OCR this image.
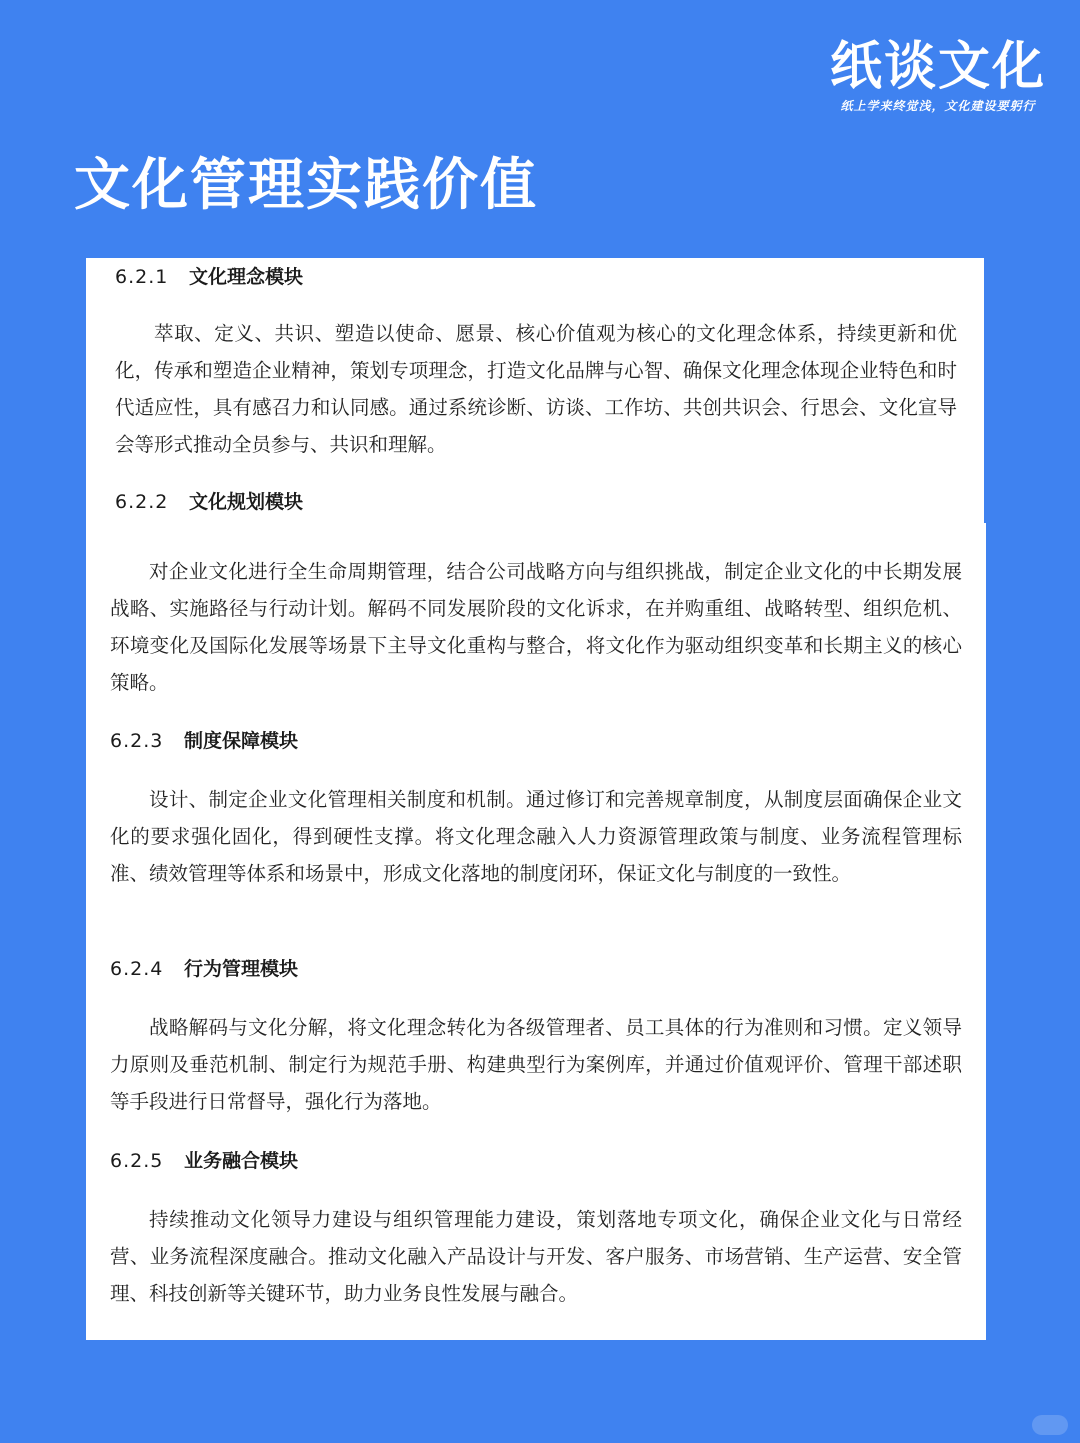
纸谈文化
纸上学来终觉浅，文化建设要躬行
文化管理实践价值
6.2.1 文化理念模块

萃取、定义、共识、塑造以使命、愿景、核心价值观为核心的文化理念体系，持续更新和优化，传承和塑造企业精神，策划专项理念，打造文化品牌与心智、确保文化理念体现企业特色和时代适应性，具有感召力和认同感。通过系统诊断、访谈、工作坊、共创共识会、行思会、文化宣导会等形式推动全员参与、共识和理解。

6.2.2 文化规划模块

对企业文化进行全生命周期管理，结合公司战略方向与组织挑战，制定企业文化的中长期发展战略、实施路径与行动计划。解码不同发展阶段的文化诉求，在并购重组、战略转型、组织危机、环境变化及国际化发展等场景下主导文化重构与整合，将文化作为驱动组织变革和长期主义的核心策略。

6.2.3 制度保障模块

设计、制定企业文化管理相关制度和机制。通过修订和完善规章制度，从制度层面确保企业文化的要求强化固化，得到硬性支撑。将文化理念融入人力资源管理政策与制度、业务流程管理标准、绩效管理等体系和场景中，形成文化落地的制度闭环，保证文化与制度的一致性。

6.2.4 行为管理模块

战略解码与文化分解，将文化理念转化为各级管理者、员工具体的行为准则和习惯。定义领导力原则及垂范机制、制定行为规范手册、构建典型行为案例库，并通过价值观评价、管理干部述职等手段进行日常督导，强化行为落地。

6.2.5 业务融合模块

持续推动文化领导力建设与组织管理能力建设，策划落地专项文化，确保企业文化与日常经营、业务流程深度融合。推动文化融入产品设计与开发、客户服务、市场营销、生产运营、安全管理、科技创新等关键环节，助力业务良性发展与融合。
